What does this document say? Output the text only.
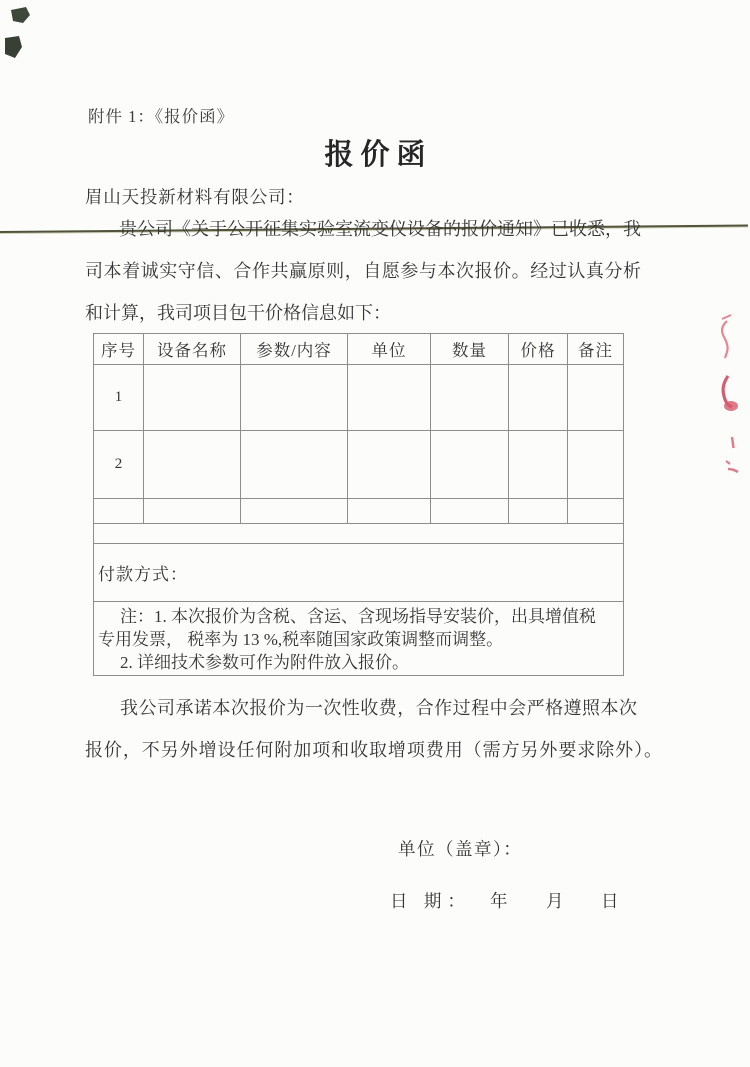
附件 1：《报价函》
报价函
眉山天投新材料有限公司：
贵公司《关于公开征集实验室流变仪设备的报价通知》已收悉，我
司本着诚实守信、合作共赢原则，自愿参与本次报价。经过认真分析
和计算，我司项目包干价格信息如下：
序号	设备名称	参数/内容	单位	数量	价格	备注
1						
2						

付款方式：						

注：1. 本次报价为含税、含运、含现场指导安装价，出具增值税
专用发票， 税率为 13 %,税率随国家政策调整而调整。
2. 详细技术参数可作为附件放入报价。						
我公司承诺本次报价为一次性收费，合作过程中会严格遵照本次
报价，不另外增设任何附加项和收取增项费用（需方另外要求除外）。
单位（盖章）：
日 期： 年 月 日
